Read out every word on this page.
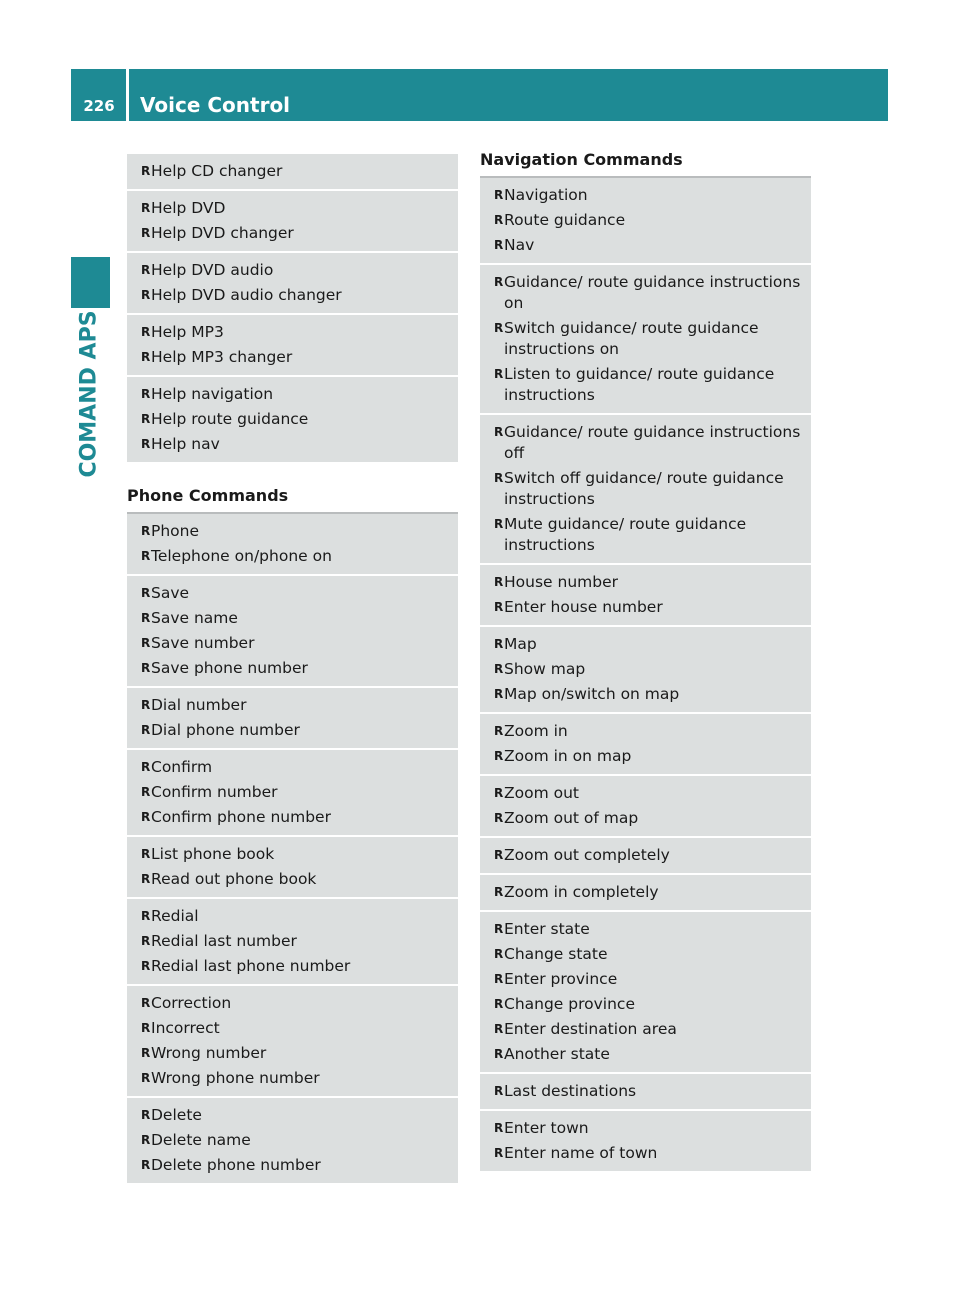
226	Voice Control
COMAND APS
R Help CD changer
R Help DVD
R Help DVD changer
R Help DVD audio
R Help DVD audio changer
R Help MP3
R Help MP3 changer
R Help navigation
R Help route guidance
R Help nav
Phone Commands
R Phone
R Telephone on/phone on
R Save
R Save name
R Save number
R Save phone number
R Dial number
R Dial phone number
R Confirm
R Confirm number
R Confirm phone number
R List phone book
R Read out phone book
R Redial
R Redial last number
R Redial last phone number
R Correction
R Incorrect
R Wrong number
R Wrong phone number
R Delete
R Delete name
R Delete phone number
Navigation Commands
R Navigation
R Route guidance
R Nav
R Guidance/ route guidance instructions on
R Switch guidance/ route guidance instructions on
R Listen to guidance/ route guidance instructions
R Guidance/ route guidance instructions off
R Switch off guidance/ route guidance instructions
R Mute guidance/ route guidance instructions
R House number
R Enter house number
R Map
R Show map
R Map on/switch on map
R Zoom in
R Zoom in on map
R Zoom out
R Zoom out of map
R Zoom out completely
R Zoom in completely
R Enter state
R Change state
R Enter province
R Change province
R Enter destination area
R Another state
R Last destinations
R Enter town
R Enter name of town
